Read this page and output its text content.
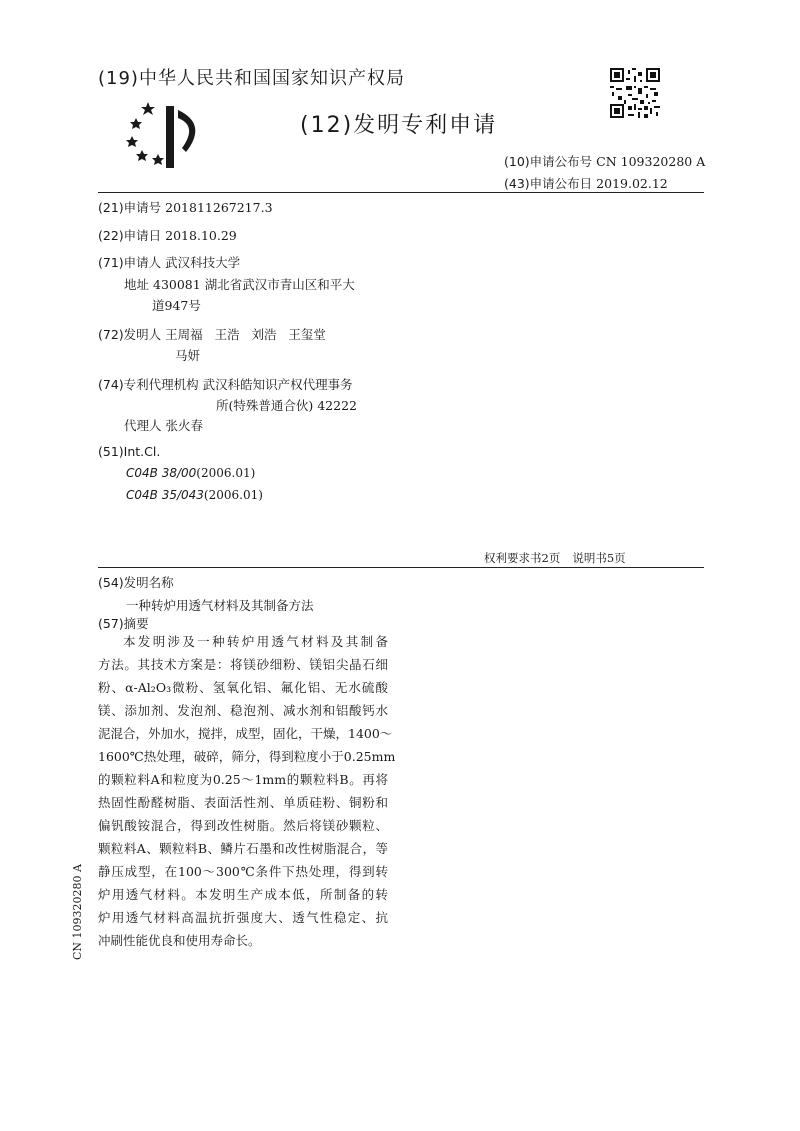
(19)中华人民共和国国家知识产权局
(12)发明专利申请
(10)申请公布号 CN 109320280 A
(43)申请公布日 2019.02.12
(21)申请号 201811267217.3
(22)申请日 2018.10.29
(71)申请人 武汉科技大学
地址 430081 湖北省武汉市青山区和平大
道947号
(72)发明人 王周福   王浩   刘浩   王玺堂
马妍
(74)专利代理机构 武汉科皓知识产权代理事务
所(特殊普通合伙) 42222
代理人 张火春
(51)Int.Cl.
C04B 38/00(2006.01)
C04B 35/043(2006.01)
权利要求书2页 说明书5页
(54)发明名称
一种转炉用透气材料及其制备方法
(57)摘要
本发明涉及一种转炉用透气材料及其制备
方法。其技术方案是：将镁砂细粉、镁铝尖晶石细
粉、α-Al₂O₃微粉、氢氧化铝、氟化铝、无水硫酸
镁、添加剂、发泡剂、稳泡剂、减水剂和铝酸钙水
泥混合，外加水，搅拌，成型，固化，干燥，1400～
1600℃热处理，破碎，筛分，得到粒度小于0.25mm
的颗粒料A和粒度为0.25～1mm的颗粒料B。再将
热固性酚醛树脂、表面活性剂、单质硅粉、铜粉和
偏钒酸铵混合，得到改性树脂。然后将镁砂颗粒、
颗粒料A、颗粒料B、鳞片石墨和改性树脂混合，等
静压成型，在100～300℃条件下热处理，得到转
炉用透气材料。本发明生产成本低，所制备的转
炉用透气材料高温抗折强度大、透气性稳定、抗
冲刷性能优良和使用寿命长。
CN 109320280 A
